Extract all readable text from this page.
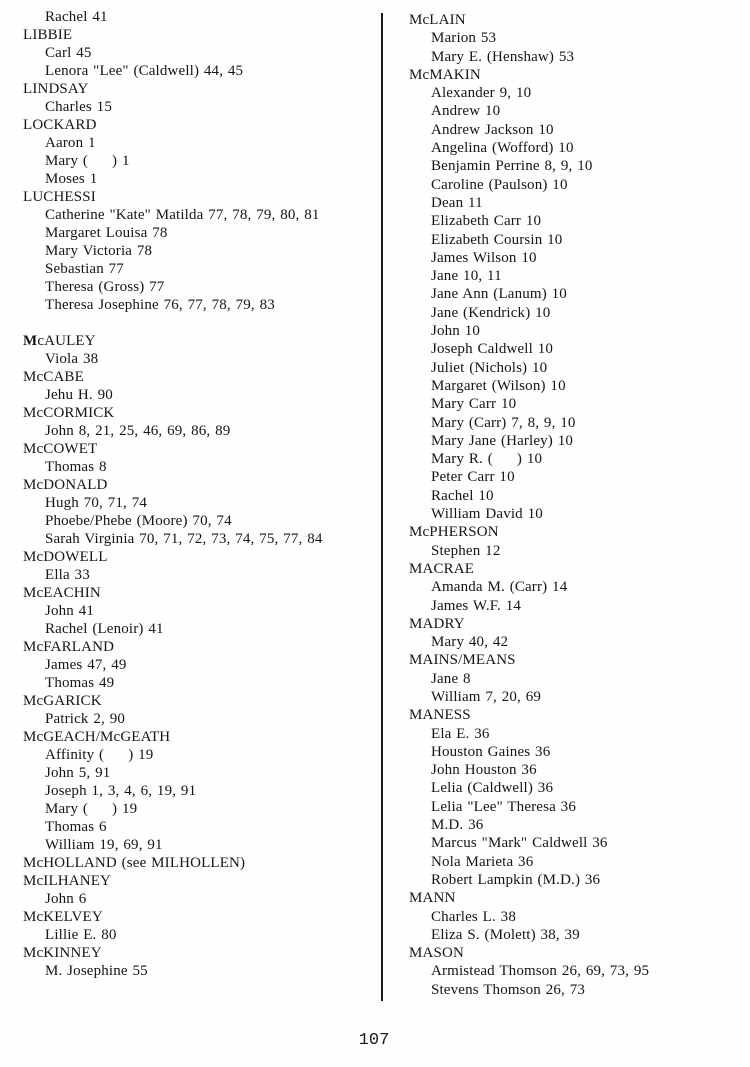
Rachel 41
LIBBIE
Carl 45
Lenora "Lee" (Caldwell) 44, 45
LINDSAY
Charles 15
LOCKARD
Aaron 1
Mary (     ) 1
Moses 1
LUCHESSI
Catherine "Kate" Matilda 77, 78, 79, 80, 81
Margaret Louisa 78
Mary Victoria 78
Sebastian 77
Theresa (Gross) 77
Theresa Josephine 76, 77, 78, 79, 83
McAULEY
Viola 38
McCABE
Jehu H. 90
McCORMICK
John 8, 21, 25, 46, 69, 86, 89
McCOWET
Thomas 8
McDONALD
Hugh 70, 71, 74
Phoebe/Phebe (Moore) 70, 74
Sarah Virginia 70, 71, 72, 73, 74, 75, 77, 84
McDOWELL
Ella 33
McEACHIN
John 41
Rachel (Lenoir) 41
McFARLAND
James 47, 49
Thomas 49
McGARICK
Patrick 2, 90
McGEACH/McGEATH
Affinity (     ) 19
John 5, 91
Joseph 1, 3, 4, 6, 19, 91
Mary (     ) 19
Thomas 6
William 19, 69, 91
McHOLLAND (see MILHOLLEN)
McILHANEY
John 6
McKELVEY
Lillie E. 80
McKINNEY
M. Josephine 55
McLAIN
Marion 53
Mary E. (Henshaw) 53
McMAKIN
Alexander 9, 10
Andrew 10
Andrew Jackson 10
Angelina (Wofford) 10
Benjamin Perrine 8, 9, 10
Caroline (Paulson) 10
Dean 11
Elizabeth Carr 10
Elizabeth Coursin 10
James Wilson 10
Jane 10, 11
Jane Ann (Lanum) 10
Jane (Kendrick) 10
John 10
Joseph Caldwell 10
Juliet (Nichols) 10
Margaret (Wilson) 10
Mary Carr 10
Mary (Carr) 7, 8, 9, 10
Mary Jane (Harley) 10
Mary R. (     ) 10
Peter Carr 10
Rachel 10
William David 10
McPHERSON
Stephen 12
MACRAE
Amanda M. (Carr) 14
James W.F. 14
MADRY
Mary 40, 42
MAINS/MEANS
Jane 8
William 7, 20, 69
MANESS
Ela E. 36
Houston Gaines 36
John Houston 36
Lelia (Caldwell) 36
Lelia "Lee" Theresa 36
M.D. 36
Marcus "Mark" Caldwell 36
Nola Marieta 36
Robert Lampkin (M.D.) 36
MANN
Charles L. 38
Eliza S. (Molett) 38, 39
MASON
Armistead Thomson 26, 69, 73, 95
Stevens Thomson 26, 73
107
